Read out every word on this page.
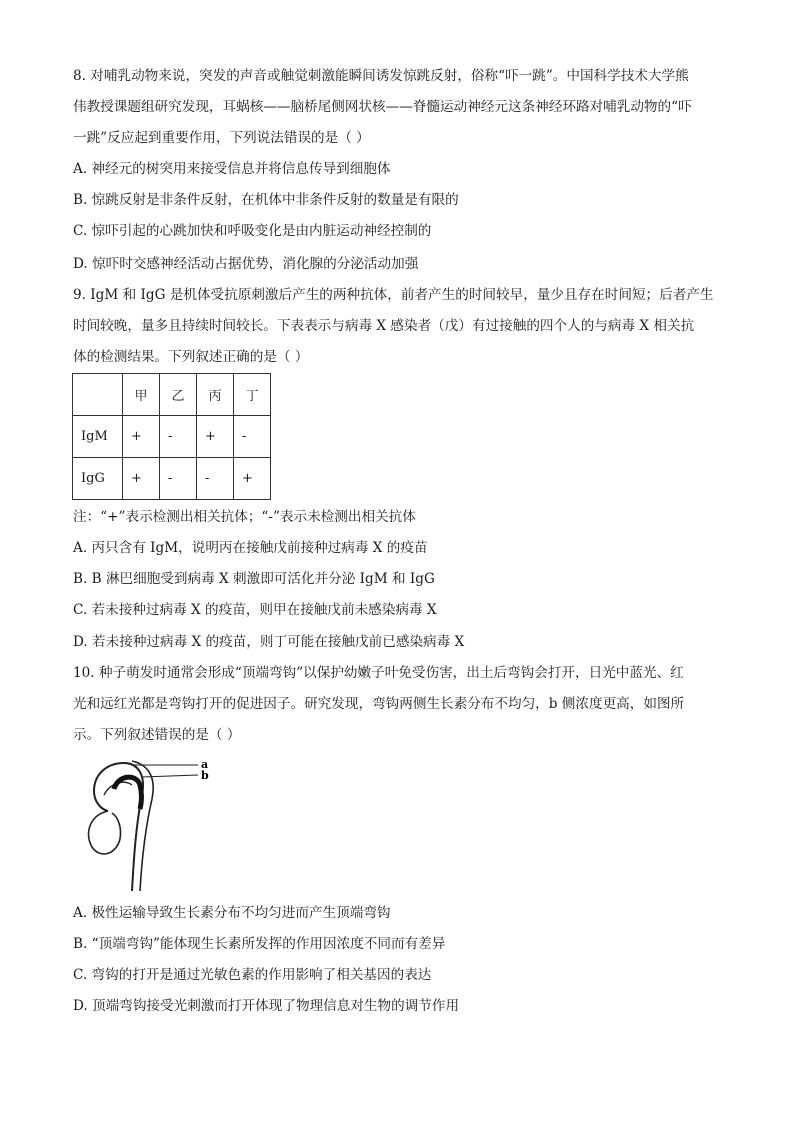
8. 对哺乳动物来说，突发的声音或触觉刺激能瞬间诱发惊跳反射，俗称“吓一跳”。中国科学技术大学熊
伟教授课题组研究发现，耳蜗核——脑桥尾侧网状核——脊髓运动神经元这条神经环路对哺乳动物的“吓
一跳”反应起到重要作用，下列说法错误的是（ ）
A. 神经元的树突用来接受信息并将信息传导到细胞体
B. 惊跳反射是非条件反射，在机体中非条件反射的数量是有限的
C. 惊吓引起的心跳加快和呼吸变化是由内脏运动神经控制的
D. 惊吓时交感神经活动占据优势，消化腺的分泌活动加强
9. IgM 和 IgG 是机体受抗原刺激后产生的两种抗体，前者产生的时间较早，量少且存在时间短；后者产生
时间较晚，量多且持续时间较长。下表表示与病毒 X 感染者（戊）有过接触的四个人的与病毒 X 相关抗
体的检测结果。下列叙述正确的是（ ）
	甲	乙	丙	丁
IgM	+	-	+	-
IgG	+	-	-	+
注：“+”表示检测出相关抗体；“-”表示未检测出相关抗体
A. 丙只含有 IgM，说明丙在接触戊前接种过病毒 X 的疫苗
B. B 淋巴细胞受到病毒 X 刺激即可活化并分泌 IgM 和 IgG
C. 若未接种过病毒 X 的疫苗，则甲在接触戊前未感染病毒 X
D. 若未接种过病毒 X 的疫苗，则丁可能在接触戊前已感染病毒 X
10. 种子萌发时通常会形成“顶端弯钩”以保护幼嫩子叶免受伤害，出土后弯钩会打开，日光中蓝光、红
光和远红光都是弯钩打开的促进因子。研究发现，弯钩两侧生长素分布不均匀，b 侧浓度更高，如图所
示。下列叙述错误的是（ ）
a
b
A. 极性运输导致生长素分布不均匀进而产生顶端弯钩
B. “顶端弯钩”能体现生长素所发挥的作用因浓度不同而有差异
C. 弯钩的打开是通过光敏色素的作用影响了相关基因的表达
D. 顶端弯钩接受光刺激而打开体现了物理信息对生物的调节作用
